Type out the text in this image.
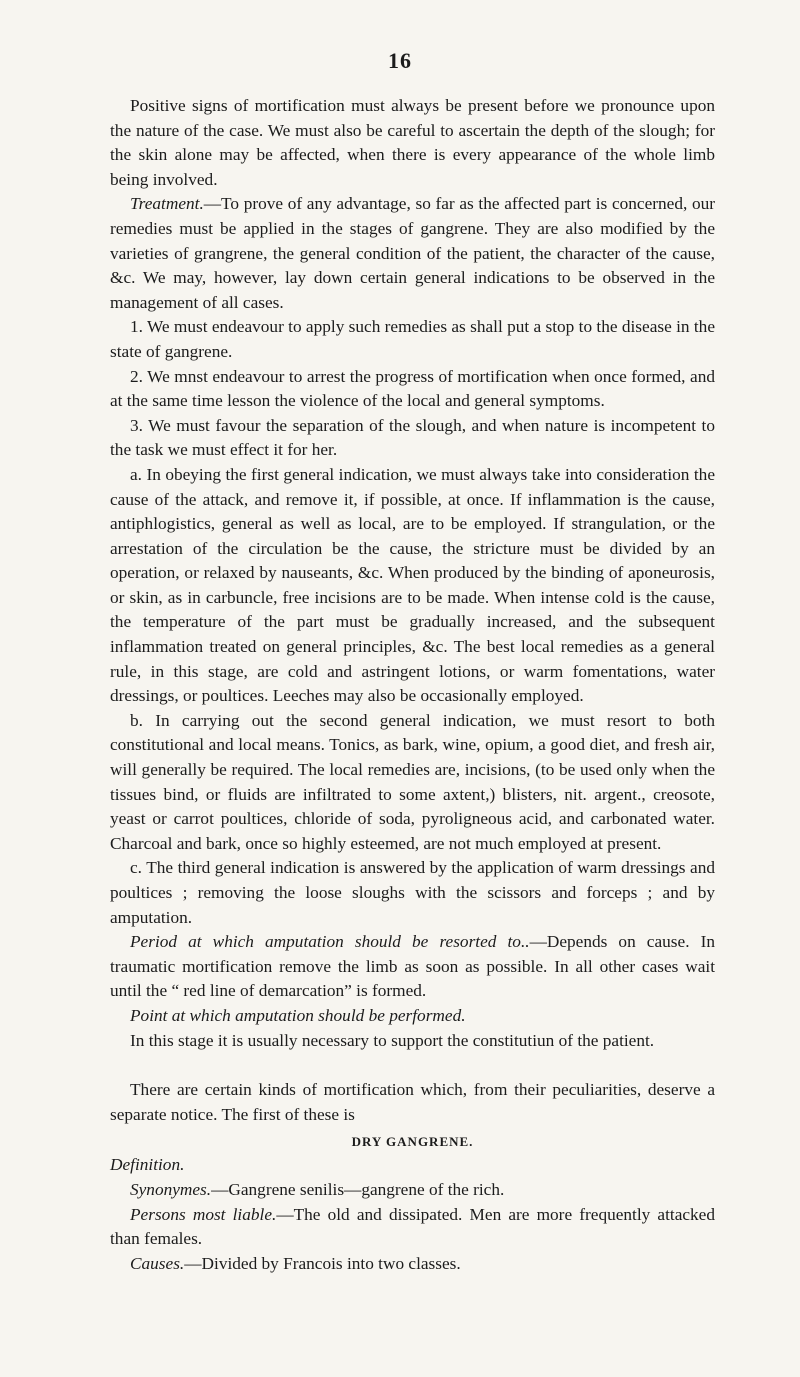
16

Positive signs of mortification must always be present before we pronounce upon the nature of the case. We must also be careful to ascertain the depth of the slough; for the skin alone may be affected, when there is every appearance of the whole limb being involved.

Treatment.—To prove of any advantage, so far as the affected part is concerned, our remedies must be applied in the stages of gangrene. They are also modified by the varieties of grangrene, the general condition of the patient, the character of the cause, &c. We may, however, lay down certain general indications to be observed in the management of all cases.

1. We must endeavour to apply such remedies as shall put a stop to the disease in the state of gangrene.

2. We mnst endeavour to arrest the progress of mortification when once formed, and at the same time lesson the violence of the local and general symptoms.

3. We must favour the separation of the slough, and when nature is incompetent to the task we must effect it for her.

a. In obeying the first general indication, we must always take into consideration the cause of the attack, and remove it, if possible, at once. If inflammation is the cause, antiphlogistics, general as well as local, are to be employed. If strangulation, or the arrestation of the circulation be the cause, the stricture must be divided by an operation, or relaxed by nauseants, &c. When produced by the binding of aponeurosis, or skin, as in carbuncle, free incisions are to be made. When intense cold is the cause, the temperature of the part must be gradually increased, and the subsequent inflammation treated on general principles, &c. The best local remedies as a general rule, in this stage, are cold and astringent lotions, or warm fomentations, water dressings, or poultices. Leeches may also be occasionally employed.

b. In carrying out the second general indication, we must resort to both constitutional and local means. Tonics, as bark, wine, opium, a good diet, and fresh air, will generally be required. The local remedies are, incisions, (to be used only when the tissues bind, or fluids are infiltrated to some axtent,) blisters, nit. argent., creosote, yeast or carrot poultices, chloride of soda, pyroligneous acid, and carbonated water. Charcoal and bark, once so highly esteemed, are not much employed at present.

c. The third general indication is answered by the application of warm dressings and poultices ; removing the loose sloughs with the scissors and forceps ; and by amputation.

Period at which amputation should be resorted to..—Depends on cause. In traumatic mortification remove the limb as soon as possible. In all other cases wait until the “ red line of demarcation” is formed.

Point at which amputation should be performed.

In this stage it is usually necessary to support the constitutiun of the patient.

There are certain kinds of mortification which, from their peculiarities, deserve a separate notice. The first of these is

DRY GANGRENE.

Definition.

Synonymes.—Gangrene senilis—gangrene of the rich.

Persons most liable.—The old and dissipated. Men are more frequently attacked than females.

Causes.—Divided by Francois into two classes.
